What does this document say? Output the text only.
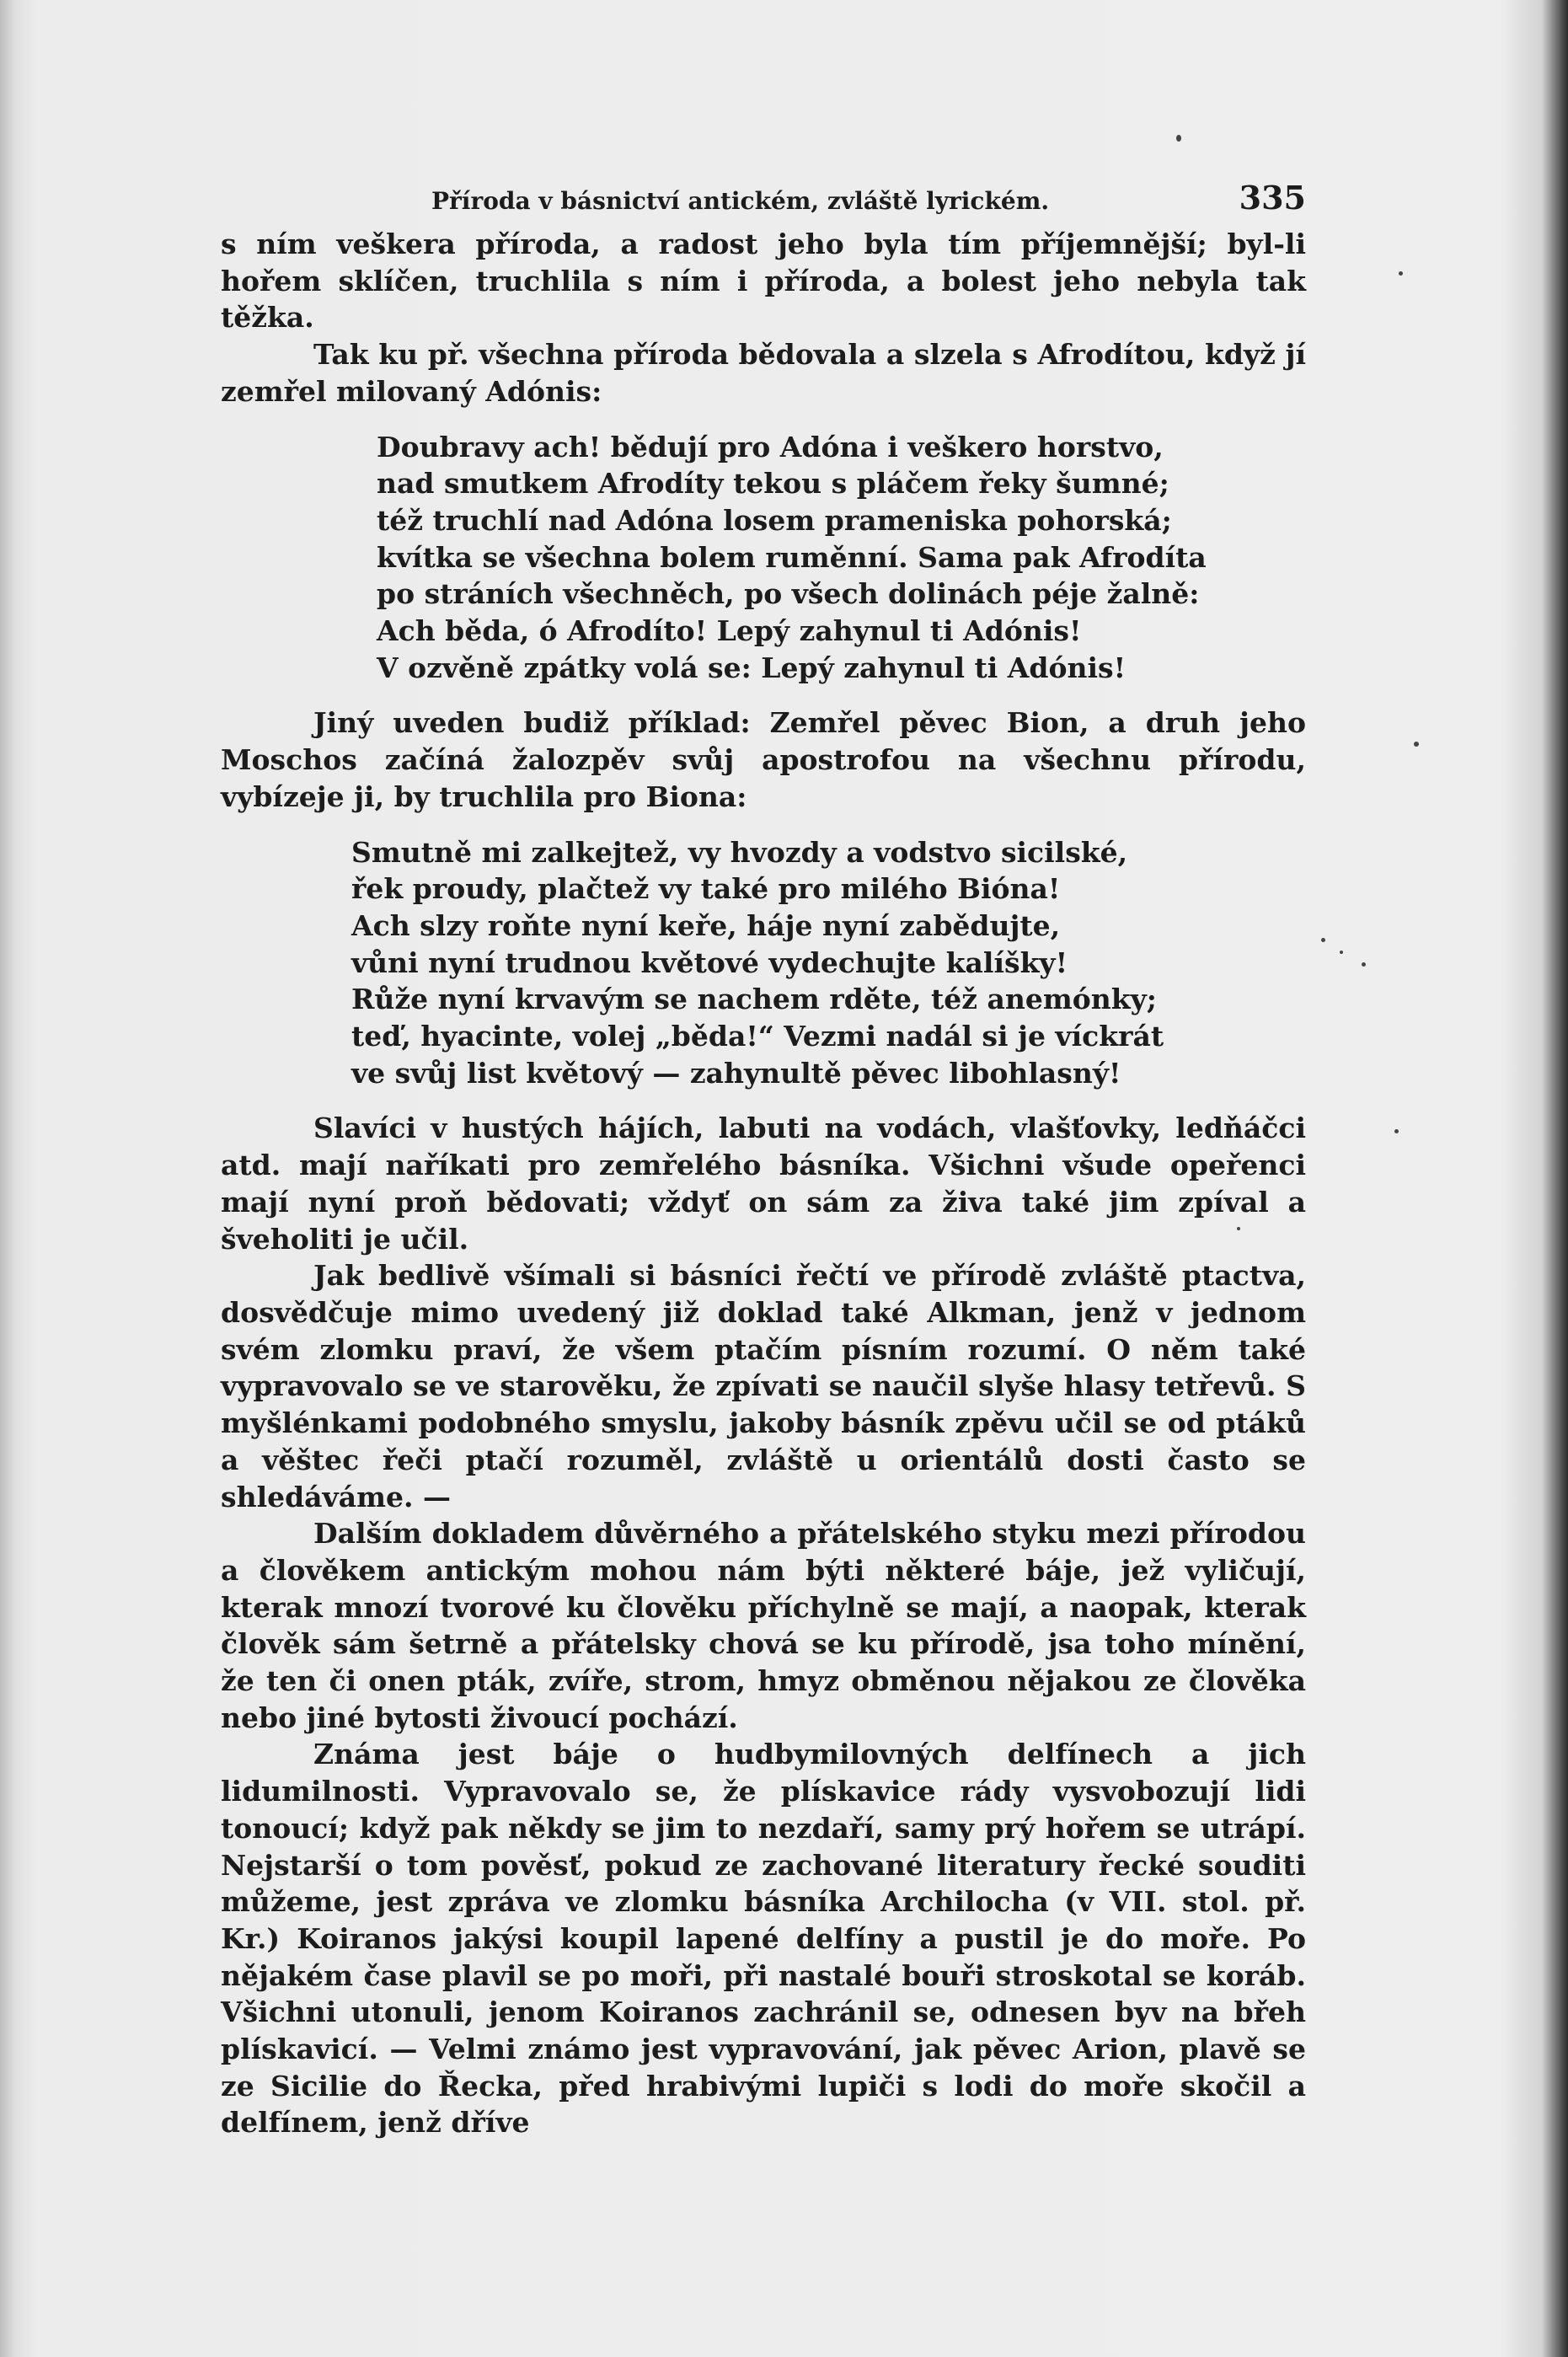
Příroda v básnictví antickém, zvláště lyrickém.	335

s ním veškera příroda, a radost jeho byla tím příjemnější; byl-li hořem sklíčen, truchlila s ním i příroda, a bolest jeho nebyla tak těžka.

Tak ku př. všechna příroda bědovala a slzela s Afrodítou, když jí zemřel milovaný Adónis:

Doubravy ach! bědují pro Adóna i veškero horstvo,
nad smutkem Afrodíty tekou s pláčem řeky šumné;
též truchlí nad Adóna losem prameniska pohorská;
kvítka se všechna bolem ruměnní. Sama pak Afrodíta
po stráních všechněch, po všech dolinách péje žalně:
Ach běda, ó Afrodíto! Lepý zahynul ti Adónis!
V ozvěně zpátky volá se: Lepý zahynul ti Adónis!

Jiný uveden budiž příklad: Zemřel pěvec Bion, a druh jeho Moschos začíná žalozpěv svůj apostrofou na všechnu přírodu, vybízeje ji, by truchlila pro Biona:

Smutně mi zalkejtež, vy hvozdy a vodstvo sicilské,
řek proudy, plačtež vy také pro milého Bióna!
Ach slzy roňte nyní keře, háje nyní zabědujte,
vůni nyní trudnou květové vydechujte kalíšky!
Růže nyní krvavým se nachem rděte, též anemónky;
teď, hyacinte, volej „běda!“ Vezmi nadál si je víckrát
ve svůj list květový — zahynultě pěvec libohlasný!

Slavíci v hustých hájích, labuti na vodách, vlašťovky, ledňáčci atd. mají naříkati pro zemřelého básníka. Všichni všude opeřenci mají nyní proň bědovati; vždyť on sám za živa také jim zpíval a šveholiti je učil.

Jak bedlivě všímali si básníci řečtí ve přírodě zvláště ptactva, dosvědčuje mimo uvedený již doklad také Alkman, jenž v jednom svém zlomku praví, že všem ptačím písním rozumí. O něm také vypravovalo se ve starověku, že zpívati se naučil slyše hlasy tetřevů. S myšlénkami podobného smyslu, jakoby básník zpěvu učil se od ptáků a věštec řeči ptačí rozuměl, zvláště u orientálů dosti často se shledáváme. —

Dalším dokladem důvěrného a přátelského styku mezi přírodou a člověkem antickým mohou nám býti některé báje, jež vyličují, kterak mnozí tvorové ku člověku příchylně se mají, a naopak, kterak člověk sám šetrně a přátelsky chová se ku přírodě, jsa toho mínění, že ten či onen pták, zvíře, strom, hmyz obměnou nějakou ze člověka nebo jiné bytosti živoucí pochází.

Známa jest báje o hudbymilovných delfínech a jich lidumilnosti. Vypravovalo se, že plískavice rády vysvobozují lidi tonoucí; když pak někdy se jim to nezdaří, samy prý hořem se utrápí. Nejstarší o tom pověsť, pokud ze zachované literatury řecké souditi můžeme, jest zpráva ve zlomku básníka Archilocha (v VII. stol. př. Kr.) Koiranos jakýsi koupil lapené delfíny a pustil je do moře. Po nějakém čase plavil se po moři, při nastalé bouři stroskotal se koráb. Všichni utonuli, jenom Koiranos zachránil se, odnesen byv na břeh plískavicí. — Velmi známo jest vypravování, jak pěvec Arion, plavě se ze Sicilie do Řecka, před hrabivými lupiči s lodi do moře skočil a delfínem, jenž dříve
